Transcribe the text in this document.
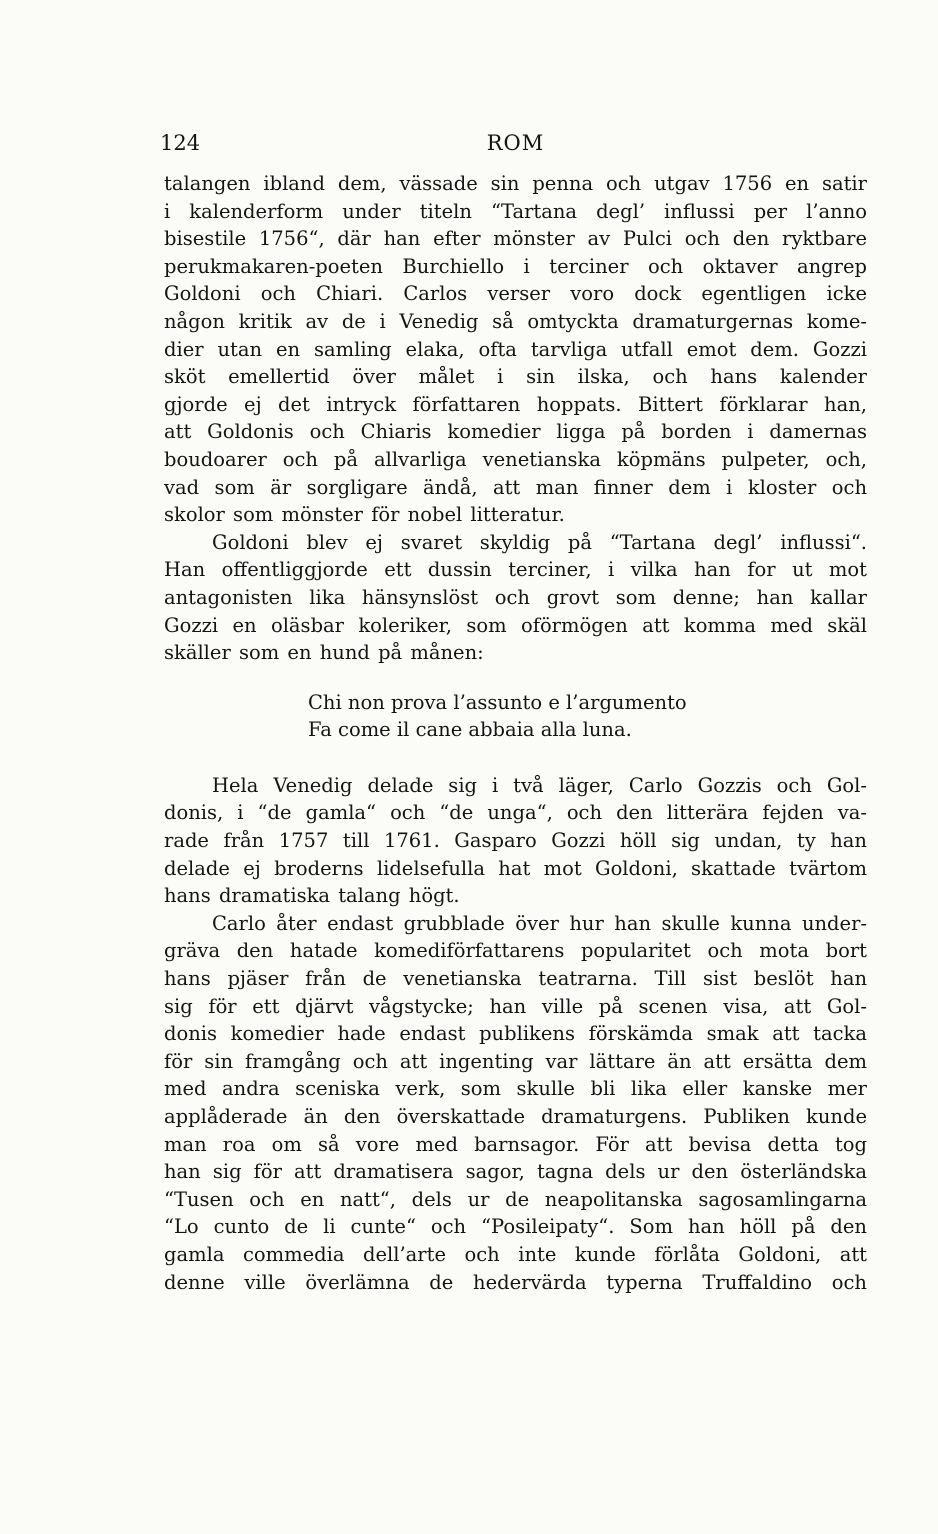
124	ROM

talangen ibland dem, vässade sin penna och utgav 1756 en satir
i kalenderform under titeln “Tartana degl’ influssi per l’anno
bisestile 1756“, där han efter mönster av Pulci och den ryktbare
perukmakaren-poeten Burchiello i terciner och oktaver angrep
Goldoni och Chiari. Carlos verser voro dock egentligen icke
någon kritik av de i Venedig så omtyckta dramaturgernas kome-
dier utan en samling elaka, ofta tarvliga utfall emot dem. Gozzi
sköt emellertid över målet i sin ilska, och hans kalender
gjorde ej det intryck författaren hoppats. Bittert förklarar han,
att Goldonis och Chiaris komedier ligga på borden i damernas
boudoarer och på allvarliga venetianska köpmäns pulpeter, och,
vad som är sorgligare ändå, att man finner dem i kloster och
skolor som mönster för nobel litteratur.

Goldoni blev ej svaret skyldig på “Tartana degl’ influssi“.
Han offentliggjorde ett dussin terciner, i vilka han for ut mot
antagonisten lika hänsynslöst och grovt som denne; han kallar
Gozzi en oläsbar koleriker, som oförmögen att komma med skäl
skäller som en hund på månen:

Chi non prova l’assunto e l’argumento
Fa come il cane abbaia alla luna.

Hela Venedig delade sig i två läger, Carlo Gozzis och Gol-
donis, i “de gamla“ och “de unga“, och den litterära fejden va-
rade från 1757 till 1761. Gasparo Gozzi höll sig undan, ty han
delade ej broderns lidelsefulla hat mot Goldoni, skattade tvärtom
hans dramatiska talang högt.

Carlo åter endast grubblade över hur han skulle kunna under-
gräva den hatade komediförfattarens popularitet och mota bort
hans pjäser från de venetianska teatrarna. Till sist beslöt han
sig för ett djärvt vågstycke; han ville på scenen visa, att Gol-
donis komedier hade endast publikens förskämda smak att tacka
för sin framgång och att ingenting var lättare än att ersätta dem
med andra sceniska verk, som skulle bli lika eller kanske mer
applåderade än den överskattade dramaturgens. Publiken kunde
man roa om så vore med barnsagor. För att bevisa detta tog
han sig för att dramatisera sagor, tagna dels ur den österländska
“Tusen och en natt“, dels ur de neapolitanska sagosamlingarna
“Lo cunto de li cunte“ och “Posileipaty“. Som han höll på den
gamla commedia dell’arte och inte kunde förlåta Goldoni, att
denne ville överlämna de hedervärda typerna Truffaldino och
